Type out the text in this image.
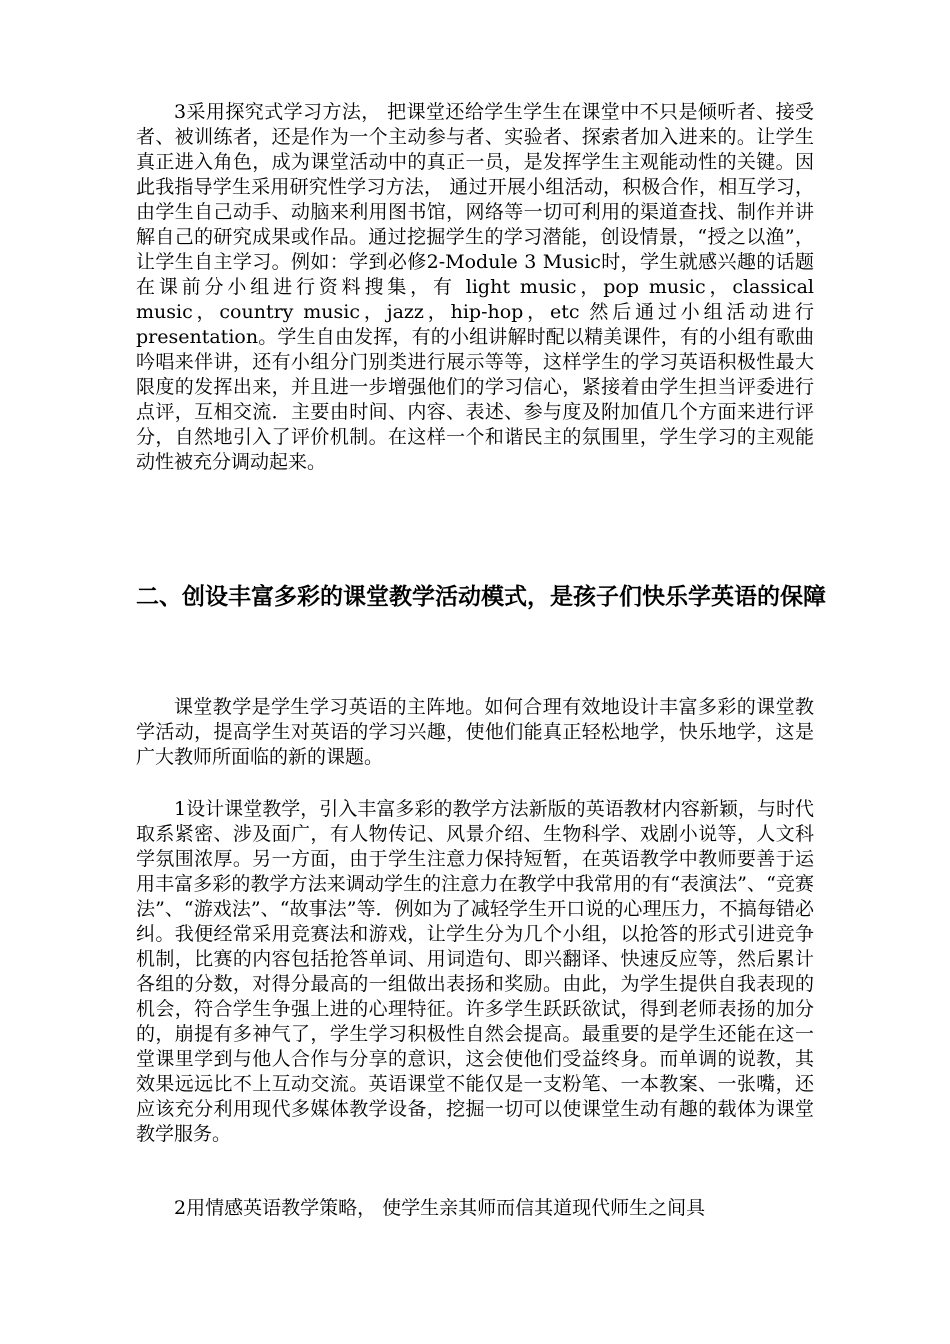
3采用探究式学习方法， 把课堂还给学生学生在课堂中不只是倾听者、接受者、被训练者，还是作为一个主动参与者、实验者、探索者加入进来的。让学生真正进入角色，成为课堂活动中的真正一员，是发挥学生主观能动性的关键。因此我指导学生采用研究性学习方法， 通过开展小组活动，积极合作，相互学习，由学生自己动手、动脑来利用图书馆，网络等一切可利用的渠道查找、制作并讲解自己的研究成果或作品。通过挖掘学生的学习潜能，创设情景，“授之以渔”，让学生自主学习。例如：学到必修2-Module 3 Music时，学生就感兴趣的话题在课前分小组进行资料搜集，有 light music，pop music，classical music，country music，jazz，hip-hop，etc 然后通过小组活动进行presentation。学生自由发挥，有的小组讲解时配以精美课件，有的小组有歌曲吟唱来伴讲，还有小组分门别类进行展示等等，这样学生的学习英语积极性最大限度的发挥出来，并且进一步增强他们的学习信心，紧接着由学生担当评委进行点评，互相交流．主要由时间、内容、表述、参与度及附加值几个方面来进行评分，自然地引入了评价机制。在这样一个和谐民主的氛围里，学生学习的主观能动性被充分调动起来。

二、创设丰富多彩的课堂教学活动模式，是孩子们快乐学英语的保障

课堂教学是学生学习英语的主阵地。如何合理有效地设计丰富多彩的课堂教学活动，提高学生对英语的学习兴趣，使他们能真正轻松地学，快乐地学，这是广大教师所面临的新的课题。

1设计课堂教学，引入丰富多彩的教学方法新版的英语教材内容新颖，与时代取系紧密、涉及面广，有人物传记、风景介绍、生物科学、戏剧小说等，人文科学氛围浓厚。另一方面，由于学生注意力保持短暂，在英语教学中教师要善于运用丰富多彩的教学方法来调动学生的注意力在教学中我常用的有“表演法”、“竞赛法”、“游戏法”、“故事法”等．例如为了减轻学生开口说的心理压力，不搞每错必纠。我便经常采用竞赛法和游戏，让学生分为几个小组，以抢答的形式引进竞争机制，比赛的内容包括抢答单词、用词造句、即兴翻译、快速反应等，然后累计各组的分数，对得分最高的一组做出表扬和奖励。由此，为学生提供自我表现的机会，符合学生争强上进的心理特征。许多学生跃跃欲试，得到老师表扬的加分的，崩提有多神气了，学生学习积极性自然会提高。最重要的是学生还能在这一堂课里学到与他人合作与分享的意识，这会使他们受益终身。而单调的说教，其效果远远比不上互动交流。英语课堂不能仅是一支粉笔、一本教案、一张嘴，还应该充分利用现代多媒体教学设备，挖掘一切可以使课堂生动有趣的载体为课堂教学服务。

2用情感英语教学策略， 使学生亲其师而信其道现代师生之间具
